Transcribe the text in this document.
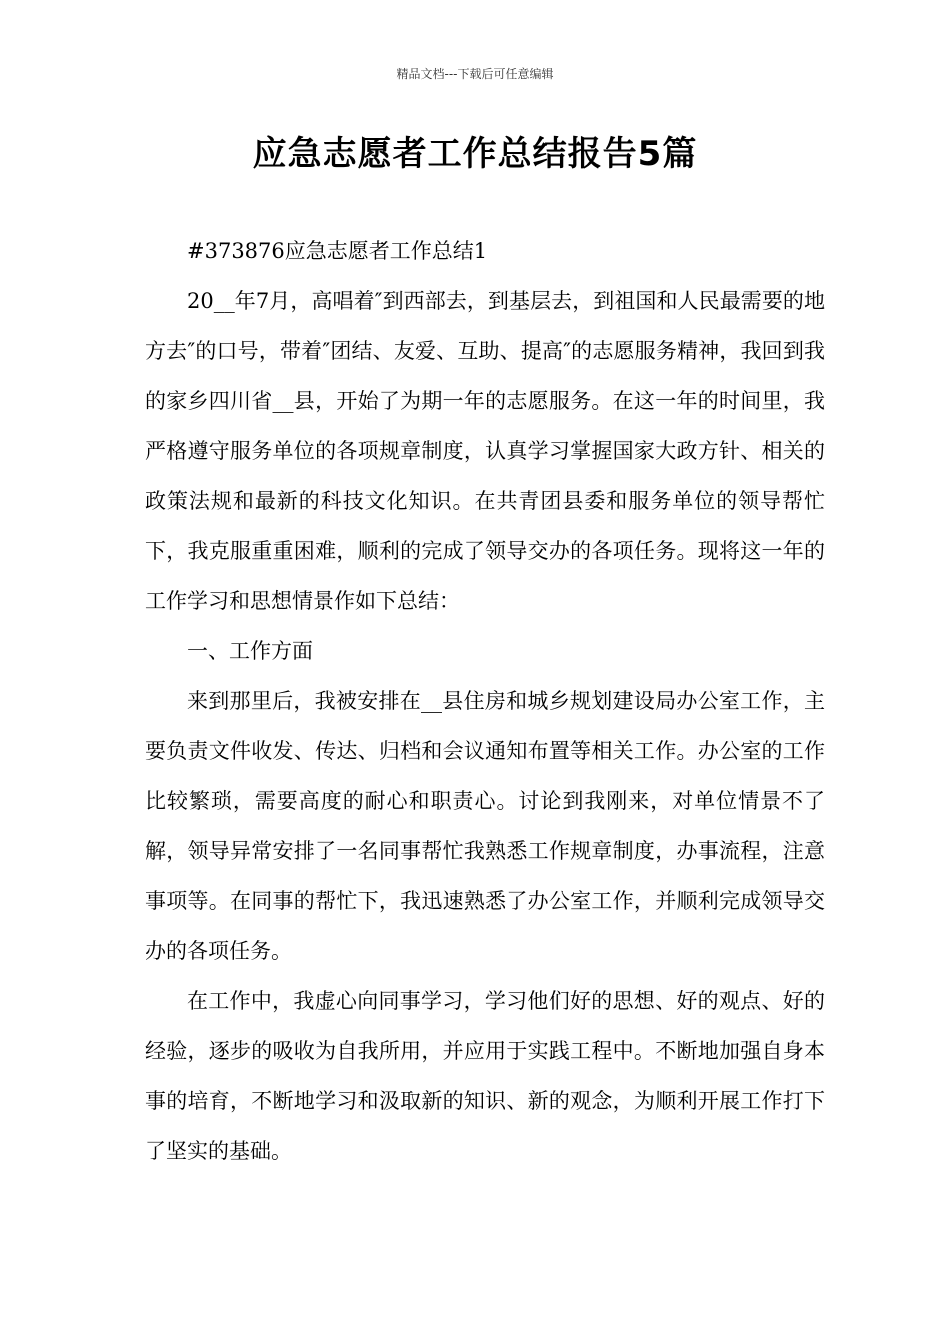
精品文档---下载后可任意编辑
应急志愿者工作总结报告5篇

#373876应急志愿者工作总结1

20__年7月，高唱着″到西部去，到基层去，到祖国和人民最需要的地方去″的口号，带着″团结、友爱、互助、提高″的志愿服务精神，我回到我的家乡四川省__县，开始了为期一年的志愿服务。在这一年的时间里，我严格遵守服务单位的各项规章制度，认真学习掌握国家大政方针、相关的政策法规和最新的科技文化知识。在共青团县委和服务单位的领导帮忙下，我克服重重困难，顺利的完成了领导交办的各项任务。现将这一年的工作学习和思想情景作如下总结：

一、工作方面

来到那里后，我被安排在__县住房和城乡规划建设局办公室工作，主要负责文件收发、传达、归档和会议通知布置等相关工作。办公室的工作比较繁琐，需要高度的耐心和职责心。讨论到我刚来，对单位情景不了解，领导异常安排了一名同事帮忙我熟悉工作规章制度，办事流程，注意事项等。在同事的帮忙下，我迅速熟悉了办公室工作，并顺利完成领导交办的各项任务。

在工作中，我虚心向同事学习，学习他们好的思想、好的观点、好的经验，逐步的吸收为自我所用，并应用于实践工程中。不断地加强自身本事的培育，不断地学习和汲取新的知识、新的观念，为顺利开展工作打下了坚实的基础。
